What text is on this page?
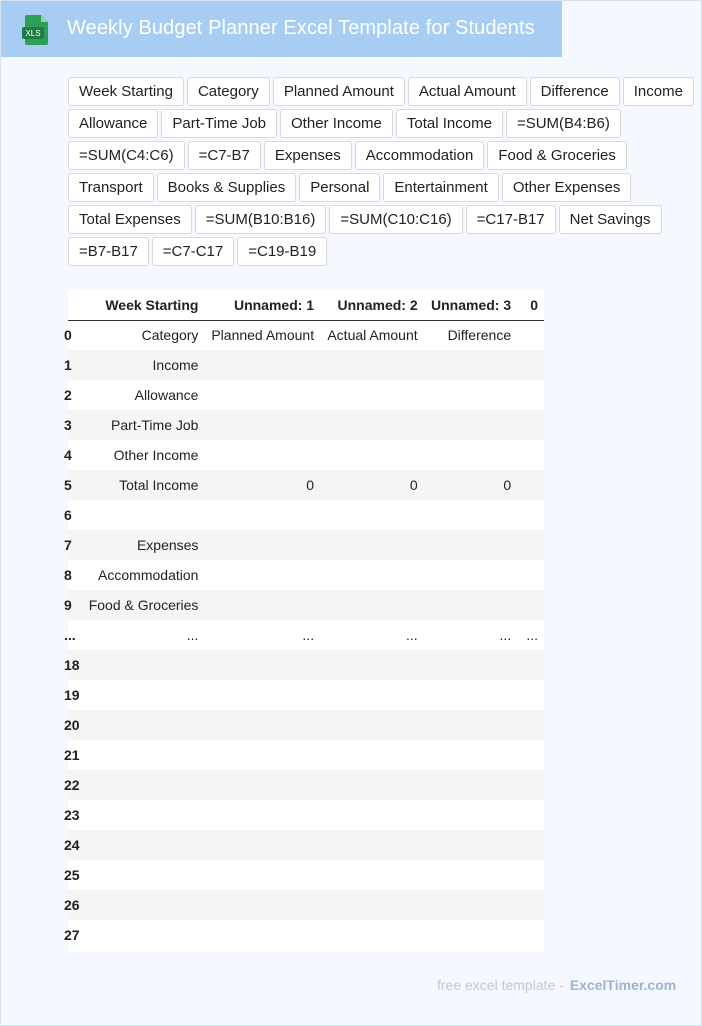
XLS Weekly Budget Planner Excel Template for Students
Week Starting	Category	Planned Amount	Actual Amount	Difference	Income
Allowance	Part-Time Job	Other Income	Total Income	=SUM(B4:B6)
=SUM(C4:C6)	=C7-B7	Expenses	Accommodation	Food & Groceries
Transport	Books & Supplies	Personal	Entertainment	Other Expenses
Total Expenses	=SUM(B10:B16)	=SUM(C10:C16)	=C17-B17	Net Savings
=B7-B17	=C7-C17	=C19-B19
	Week Starting	Unnamed: 1	Unnamed: 2	Unnamed: 3	0
0	Category	Planned Amount	Actual Amount	Difference	
1	Income				
2	Allowance				
3	Part-Time Job				
4	Other Income				
5	Total Income	0	0	0	
6					
7	Expenses				
8	Accommodation				
9	Food & Groceries				
...	...	...	...	...	...
18					
19					
20					
21					
22					
23					
24					
25					
26					
27					
free excel template - ExcelTimer.com
